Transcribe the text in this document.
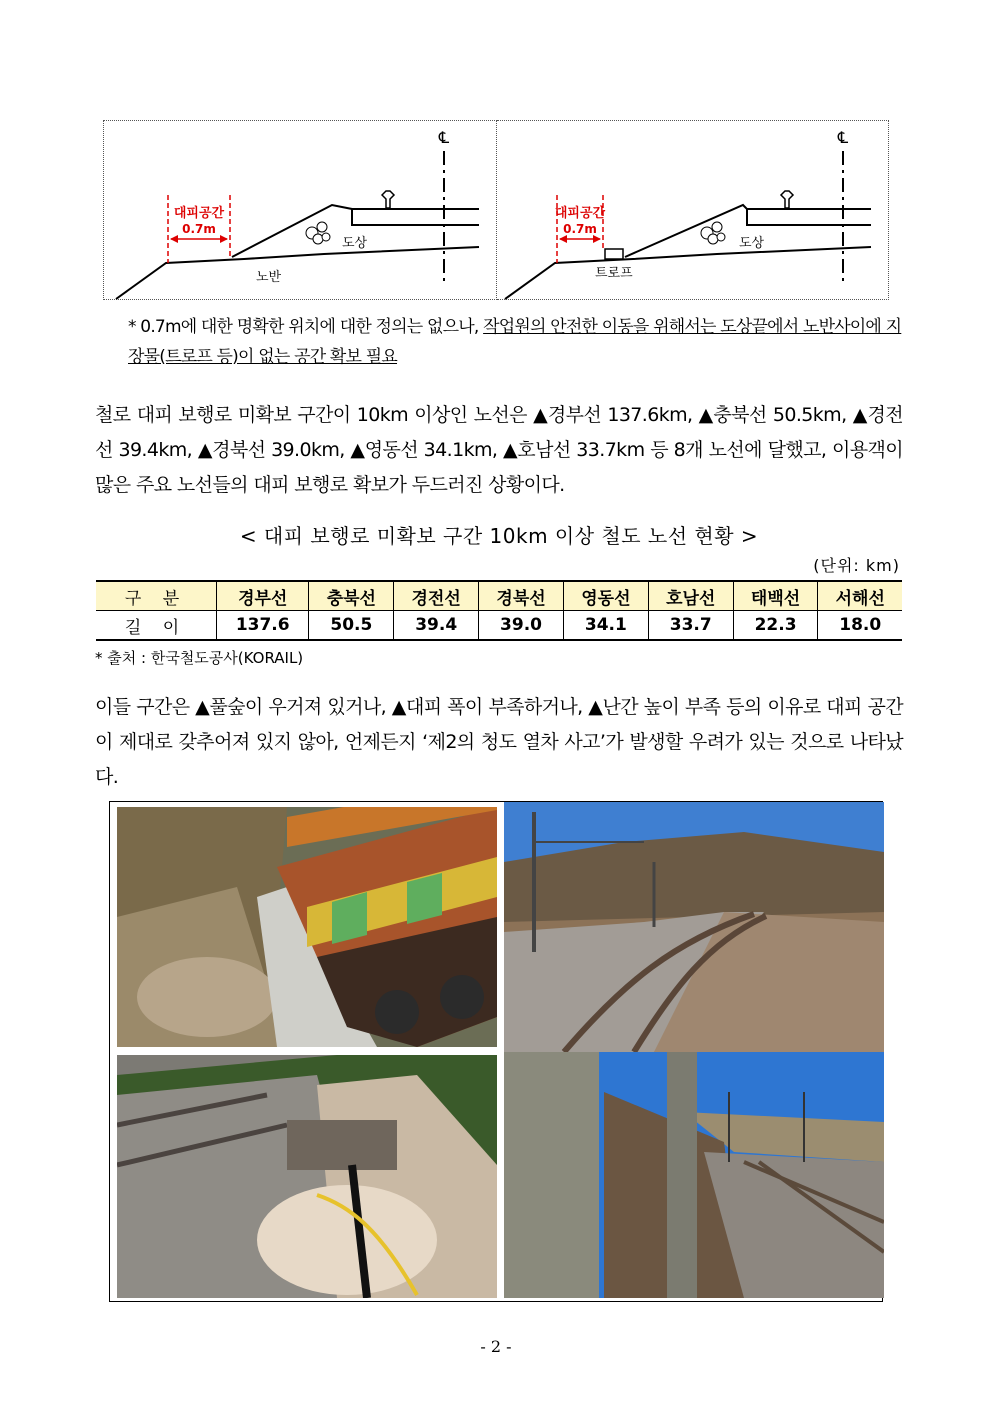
℄
도상
노반
대피공간
0.7m
℄
도상
트로프
대피공간
0.7m
* 0.7m에 대한 명확한 위치에 대한 정의는 없으나, 작업원의 안전한 이동을 위해서는 도상끝에서 노반사이에 지장물(트로프 등)이 없는 공간 확보 필요
철로 대피 보행로 미확보 구간이 10km 이상인 노선은 ▲경부선 137.6km, ▲충북선 50.5km, ▲경전선 39.4km, ▲경북선 39.0km, ▲영동선 34.1km, ▲호남선 33.7km 등 8개 노선에 달했고, 이용객이 많은 주요 노선들의 대피 보행로 확보가 두드러진 상황이다.
< 대피 보행로 미확보 구간 10km 이상 철도 노선 현황 >
(단위: km)
구 분	경부선	충북선	경전선	경북선	영동선	호남선	태백선	서해선
길 이	137.6	50.5	39.4	39.0	34.1	33.7	22.3	18.0
* 출처 : 한국철도공사(KORAIL)
이들 구간은 ▲풀숲이 우거져 있거나, ▲대피 폭이 부족하거나, ▲난간 높이 부족 등의 이유로 대피 공간이 제대로 갖추어져 있지 않아, 언제든지 ‘제2의 청도 열차 사고’가 발생할 우려가 있는 것으로 나타났다.
- 2 -
